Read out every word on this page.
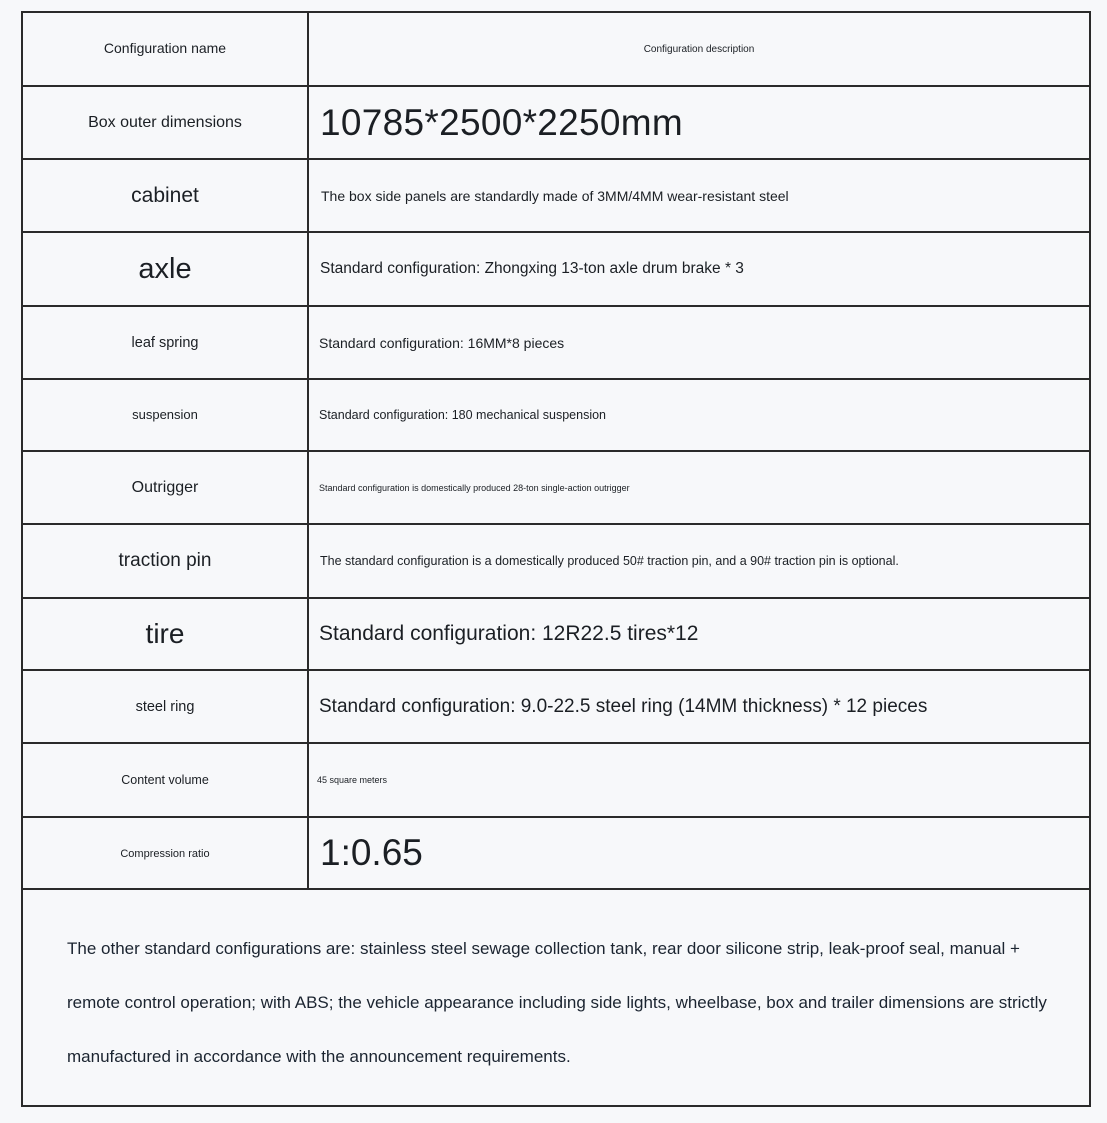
Configuration name	Configuration description

Box outer dimensions	10785*2500*2250mm

cabinet	The box side panels are standardly made of 3MM/4MM wear-resistant steel

axle	Standard configuration: Zhongxing 13-ton axle drum brake * 3

leaf spring	Standard configuration: 16MM*8 pieces

suspension	Standard configuration: 180 mechanical suspension

Outrigger	Standard configuration is domestically produced 28-ton single-action outrigger

traction pin	The standard configuration is a domestically produced 50# traction pin, and a 90# traction pin is optional.

tire	Standard configuration: 12R22.5 tires*12

steel ring	Standard configuration: 9.0-22.5 steel ring (14MM thickness) * 12 pieces

Content volume	45 square meters

Compression ratio	1:0.65
The other standard configurations are: stainless steel sewage collection tank, rear door silicone strip, leak-proof seal, manual + remote control operation; with ABS; the vehicle appearance including side lights, wheelbase, box and trailer dimensions are strictly manufactured in accordance with the announcement requirements.
